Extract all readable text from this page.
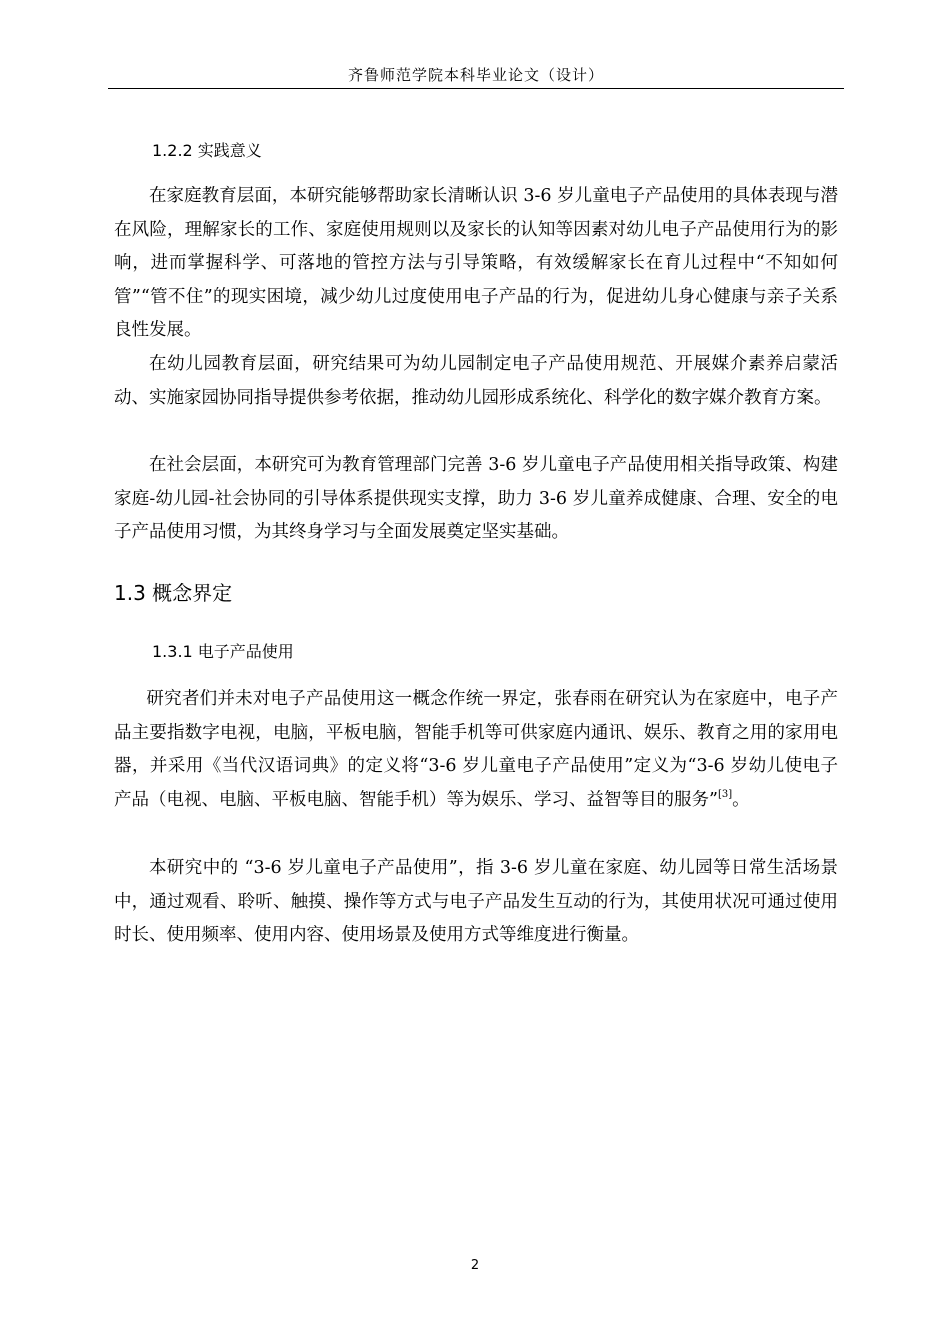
齐鲁师范学院本科毕业论文（设计）
1.2.2 实践意义

在家庭教育层面，本研究能够帮助家长清晰认识 3-6 岁儿童电子产品使用的具体表现与潜在风险，理解家长的工作、家庭使用规则以及家长的认知等因素对幼儿电子产品使用行为的影响，进而掌握科学、可落地的管控方法与引导策略，有效缓解家长在育儿过程中“不知如何管”“管不住”的现实困境，减少幼儿过度使用电子产品的行为，促进幼儿身心健康与亲子关系良性发展。

在幼儿园教育层面，研究结果可为幼儿园制定电子产品使用规范、开展媒介素养启蒙活动、实施家园协同指导提供参考依据，推动幼儿园形成系统化、科学化的数字媒介教育方案。

在社会层面，本研究可为教育管理部门完善 3-6 岁儿童电子产品使用相关指导政策、构建家庭-幼儿园-社会协同的引导体系提供现实支撑，助力 3-6 岁儿童养成健康、合理、安全的电子产品使用习惯，为其终身学习与全面发展奠定坚实基础。

1.3 概念界定
1.3.1 电子产品使用

研究者们并未对电子产品使用这一概念作统一界定，张春雨在研究认为在家庭中，电子产品主要指数字电视，电脑，平板电脑，智能手机等可供家庭内通讯、娱乐、教育之用的家用电器，并采用《当代汉语词典》的定义将“3-6 岁儿童电子产品使用”定义为“3-6 岁幼儿使电子产品（电视、电脑、平板电脑、智能手机）等为娱乐、学习、益智等目的服务”[3]。

本研究中的 “3-6 岁儿童电子产品使用”，指 3-6 岁儿童在家庭、幼儿园等日常生活场景中，通过观看、聆听、触摸、操作等方式与电子产品发生互动的行为，其使用状况可通过使用时长、使用频率、使用内容、使用场景及使用方式等维度进行衡量。

2
